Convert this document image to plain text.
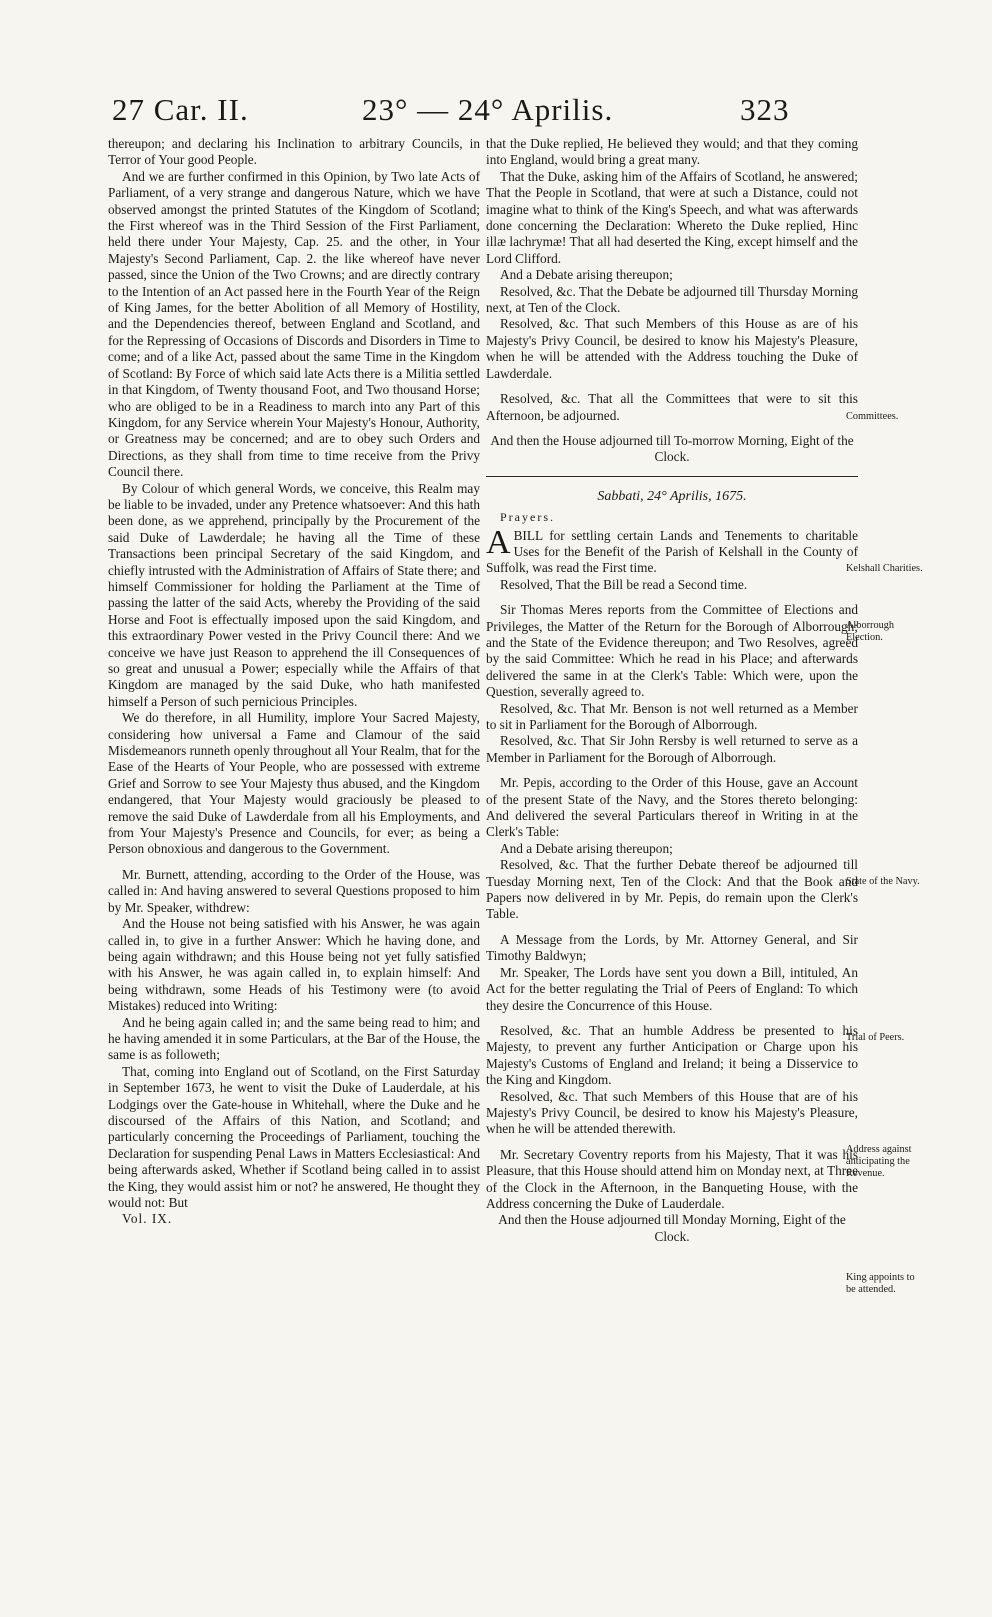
27 Car. II.	23° — 24° Aprilis.	323

thereupon; and declaring his Inclination to arbitrary Councils, in Terror of Your good People.

And we are further confirmed in this Opinion, by Two late Acts of Parliament, of a very strange and dangerous Nature, which we have observed amongst the printed Statutes of the Kingdom of Scotland; the First whereof was in the Third Session of the First Parliament, held there under Your Majesty, Cap. 25. and the other, in Your Majesty's Second Parliament, Cap. 2. the like whereof have never passed, since the Union of the Two Crowns; and are directly contrary to the Intention of an Act passed here in the Fourth Year of the Reign of King James, for the better Abolition of all Memory of Hostility, and the Dependencies thereof, between England and Scotland, and for the Repressing of Occasions of Discords and Disorders in Time to come; and of a like Act, passed about the same Time in the Kingdom of Scotland: By Force of which said late Acts there is a Militia settled in that Kingdom, of Twenty thousand Foot, and Two thousand Horse; who are obliged to be in a Readiness to march into any Part of this Kingdom, for any Service wherein Your Majesty's Honour, Authority, or Greatness may be concerned; and are to obey such Orders and Directions, as they shall from time to time receive from the Privy Council there.

By Colour of which general Words, we conceive, this Realm may be liable to be invaded, under any Pretence whatsoever: And this hath been done, as we apprehend, principally by the Procurement of the said Duke of Lawderdale; he having all the Time of these Transactions been principal Secretary of the said Kingdom, and chiefly intrusted with the Administration of Affairs of State there; and himself Commissioner for holding the Parliament at the Time of passing the latter of the said Acts, whereby the Providing of the said Horse and Foot is effectually imposed upon the said Kingdom, and this extraordinary Power vested in the Privy Council there: And we conceive we have just Reason to apprehend the ill Consequences of so great and unusual a Power; especially while the Affairs of that Kingdom are managed by the said Duke, who hath manifested himself a Person of such pernicious Principles.

We do therefore, in all Humility, implore Your Sacred Majesty, considering how universal a Fame and Clamour of the said Misdemeanors runneth openly throughout all Your Realm, that for the Ease of the Hearts of Your People, who are possessed with extreme Grief and Sorrow to see Your Majesty thus abused, and the Kingdom endangered, that Your Majesty would graciously be pleased to remove the said Duke of Lawderdale from all his Employments, and from Your Majesty's Presence and Councils, for ever; as being a Person obnoxious and dangerous to the Government.

Mr. Burnett, attending, according to the Order of the House, was called in: And having answered to several Questions proposed to him by Mr. Speaker, withdrew:

And the House not being satisfied with his Answer, he was again called in, to give in a further Answer: Which he having done, and being again withdrawn; and this House being not yet fully satisfied with his Answer, he was again called in, to explain himself: And being withdrawn, some Heads of his Testimony were (to avoid Mistakes) reduced into Writing:

And he being again called in; and the same being read to him; and he having amended it in some Particulars, at the Bar of the House, the same is as followeth;

That, coming into England out of Scotland, on the First Saturday in September 1673, he went to visit the Duke of Lauderdale, at his Lodgings over the Gate-house in Whitehall, where the Duke and he discoursed of the Affairs of this Nation, and Scotland; and particularly concerning the Proceedings of Parliament, touching the Declaration for suspending Penal Laws in Matters Ecclesiastical: And being afterwards asked, Whether if Scotland being called in to assist the King, they would assist him or not? he answered, He thought they would not: But

Vol. IX.

that the Duke replied, He believed they would; and that they coming into England, would bring a great many.

That the Duke, asking him of the Affairs of Scotland, he answered; That the People in Scotland, that were at such a Distance, could not imagine what to think of the King's Speech, and what was afterwards done concerning the Declaration: Whereto the Duke replied, Hinc illæ lachrymæ! That all had deserted the King, except himself and the Lord Clifford.

And a Debate arising thereupon;

Resolved, &c. That the Debate be adjourned till Thursday Morning next, at Ten of the Clock.

Resolved, &c. That such Members of this House as are of his Majesty's Privy Council, be desired to know his Majesty's Pleasure, when he will be attended with the Address touching the Duke of Lawderdale.

Resolved, &c. That all the Committees that were to sit this Afternoon, be adjourned.

And then the House adjourned till To-morrow Morning, Eight of the Clock.

Sabbati, 24° Aprilis, 1675.
Prayers.

ABILL for settling certain Lands and Tenements to charitable Uses for the Benefit of the Parish of Kelshall in the County of Suffolk, was read the First time.

Resolved, That the Bill be read a Second time.

Sir Thomas Meres reports from the Committee of Elections and Privileges, the Matter of the Return for the Borough of Alborrough; and the State of the Evidence thereupon; and Two Resolves, agreed by the said Committee: Which he read in his Place; and afterwards delivered the same in at the Clerk's Table: Which were, upon the Question, severally agreed to.

Resolved, &c. That Mr. Benson is not well returned as a Member to sit in Parliament for the Borough of Alborrough.

Resolved, &c. That Sir John Rersby is well returned to serve as a Member in Parliament for the Borough of Alborrough.

Mr. Pepis, according to the Order of this House, gave an Account of the present State of the Navy, and the Stores thereto belonging: And delivered the several Particulars thereof in Writing in at the Clerk's Table:

And a Debate arising thereupon;

Resolved, &c. That the further Debate thereof be adjourned till Tuesday Morning next, Ten of the Clock: And that the Book and Papers now delivered in by Mr. Pepis, do remain upon the Clerk's Table.

A Message from the Lords, by Mr. Attorney General, and Sir Timothy Baldwyn;

Mr. Speaker, The Lords have sent you down a Bill, intituled, An Act for the better regulating the Trial of Peers of England: To which they desire the Concurrence of this House.

Resolved, &c. That an humble Address be presented to his Majesty, to prevent any further Anticipation or Charge upon his Majesty's Customs of England and Ireland; it being a Disservice to the King and Kingdom.

Resolved, &c. That such Members of this House that are of his Majesty's Privy Council, be desired to know his Majesty's Pleasure, when he will be attended therewith.

Mr. Secretary Coventry reports from his Majesty, That it was his Pleasure, that this House should attend him on Monday next, at Three of the Clock in the Afternoon, in the Banqueting House, with the Address concerning the Duke of Lauderdale.

And then the House adjourned till Monday Morning, Eight of the Clock.

Committees.
Kelshall Charities.
Alborrough Election.
State of the Navy.
Trial of Peers.
Address against anticipating the Revenue.
King appoints to be attended.
